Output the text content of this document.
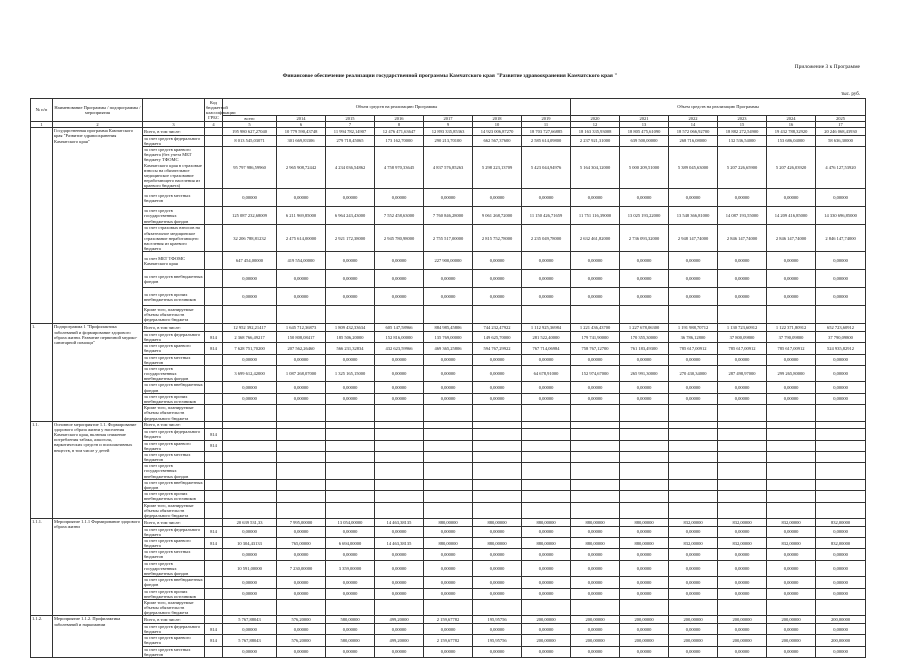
Приложение 3 к Программе
Финансовое обеспечение реализации государственной программы Камчатского края "Развитие здравоохранения Камчатского края "
тыс. руб.
№ п/п	Наименование Программы / подпрограммы / мероприятия		Код бюджетной классификации ГРБС	Объем средств на реализацию Программы							Объем средств на реализацию Программы					
				всего	2014	2015	2016	2017	2018	2019	2020	2021	2022	2023	2024	2025
1	2	3	4	5	6	7	8	9	10	11	12	13	14	15	16	17
	Государственная программа Камчатского края "Развитие здравоохранения Камчатского края"	Всего, в том числе:		195 980 627,27040	10 779 590,43748	11 994 782,14907	12 476 471,63647	12 893 335,85363	14 923 006,87270	18 703 727,66885	18 163 335,93008	18 805 475,61090	18 572 066,92700	18 882 272,54900	19 432 788,32920	20 246 068,43930
		за счет средств федерального бюджета		8 013 545,03071	301 669,83306	279 718,45065	173 162,70000	290 213,70100	662 567,37600	2 585 614,09800	2 237 921,31000	639 500,00000	268 716,08000	132 536,54000	153 686,04000	58 636,30000
		за счет средств краевого бюджета (без учета МБТ бюджету ТФОМС Камчатского края в страховые взносы на обязательное медицинское страхование неработающего населения из краевого бюджета)		95 797 986,59960	2 965 908,72442	4 234 036,54862	4 758 970,33645	4 837 576,85263	5 298 223,13709	5 423 044,94976	5 164 304,12000	5 000 209,51000	5 389 045,63000	5 207 226,65900	5 207 426,03920	4 476 127,53920
		за счет средств местных бюджетов		0,00000	0,00000	0,00000	0,00000	0,00000	0,00000	0,00000	0,00000	0,00000	0,00000	0,00000	0,00000	0,00000
		за счет средств государственных внебюджетных фондов		125 087 232,68009	6 211 969,85000	6 964 243,43000	7 552 458,63000	7 760 846,28000	9 061 268,72000	11 150 426,71659	11 751 116,39000	13 025 193,22000	13 548 366,81000	14 087 193,55000	14 209 416,85000	14 330 696,85000
		за счет страховых взносов на обязательное медицинское страхование неработающего населения из краевого бюджета		32 206 788,81232	2 475 614,00000	2 921 172,38000	2 945 780,98000	2 755 517,00000	2 815 752,78000	2 235 049,78000	2 632 461,82000	2 736 093,32000	2 948 147,74000	2 846 147,74000	2 846 147,74000	2 846 147,74000
		за счет МБТ ТФОМС Камчатского края		647 454,00000	419 554,00000	0,00000	0,00000	227 900,00000	0,00000	0,00000	0,00000	0,00000	0,00000	0,00000	0,00000	0,00000
		за счет средств внебюджетных фондов		0,00000	0,00000	0,00000	0,00000	0,00000	0,00000	0,00000	0,00000	0,00000	0,00000	0,00000	0,00000	0,00000
		за счет средств прочих внебюджетных источников		0,00000	0,00000	0,00000	0,00000	0,00000	0,00000	0,00000	0,00000	0,00000	0,00000	0,00000	0,00000	0,00000
		Кроме того, планируемые объемы обязательств федерального бюджета														
1.	Подпрограмма 1 "Профилактика заболеваний и формирование здорового образа жизни. Развитие первичной медико-санитарной помощи"	Всего, в том числе:		12 952 392,21417	1 645 712,36873	1 809 432,33634	605 147,58966	884 985,45806	744 232,47922	1 112 925,36984	1 221 436,43700	1 227 678,06300	1 191 988,70712	1 130 723,60912	1 122 371,80912	652 723,60912
		за счет средств федерального бюджета	814	2 368 766,49217	150 808,08417	185 506,20000	152 816,00000	135 769,00000	149 625,70000	281 522,40000	179 741,90000	170 355,30000	36 786,12800	37 800,09800	37 790,09800	37 790,09800
		за счет средств краевого бюджета	814	7 628 751,70200	207 562,26460	566 231,32834	432 623,59966	469 365,25806	594 767,29922	767 714,06984	758 767,12700	761 183,49300	785 617,00912	785 617,00912	785 617,00912	524 935,82912
		за счет средств местных бюджетов		0,00000	0,00000	0,00000	0,00000	0,00000	0,00000	0,00000	0,00000	0,00000	0,00000	0,00000	0,00000	0,00000
		за счет средств государственных внебюджетных фондов		3 699 612,42000	1 087 268,07000	1 325 165,15000	0,00000	0,00000	0,00000	64 678,91000	152 974,67000	265 991,30000	270 430,34000	287 498,97000	299 265,80000	0,00000
		за счет средств внебюджетных фондов		0,00000	0,00000	0,00000	0,00000	0,00000	0,00000	0,00000	0,00000	0,00000	0,00000	0,00000	0,00000	0,00000
		за счет средств прочих внебюджетных источников		0,00000	0,00000	0,00000	0,00000	0,00000	0,00000	0,00000	0,00000	0,00000	0,00000	0,00000	0,00000	0,00000
		Кроме того, планируемые объемы обязательств федерального бюджета														
1.1.	Основное мероприятие 1.1. Формирование здорового образа жизни у населения Камчатского края, включая снижение потребления табака, алкоголя, наркотических средств и психоактивных веществ, в том числе у детей	Всего, в том числе:														
		за счет средств федерального бюджета	814													
		за счет средств краевого бюджета	814													
		за счет средств местных бюджетов														
		за счет средств государственных внебюджетных фондов														
		за счет средств внебюджетных фондов														
		за счет средств прочих внебюджетных источников														
		Кроме того, планируемые объемы обязательств федерального бюджета														
1.1.1.	Мероприятие 1.1.1 Формирование здорового образа жизни	Всего, в том числе:		20 639 531,33	7 995,00000	13 054,00000	14 463,38135	880,00000	880,00000	880,00000	880,00000	880,00000	832,00000	832,00000	832,00000	832,00000
		за счет средств федерального бюджета	814	0,00000	0,00000	0,00000	0,00000	0,00000	0,00000	0,00000	0,00000	0,00000	0,00000	0,00000	0,00000	0,00000
		за счет средств краевого бюджета	814	10 304,43133	765,00000	6 694,00000	14 463,38135	880,00000	880,00000	880,00000	880,00000	880,00000	832,00000	832,00000	832,00000	832,00000
		за счет средств местных бюджетов		0,00000	0,00000	0,00000	0,00000	0,00000	0,00000	0,00000	0,00000	0,00000	0,00000	0,00000	0,00000	0,00000
		за счет средств государственных внебюджетных фондов		10 591,00000	7 230,00000	3 359,00000	0,00000	0,00000	0,00000	0,00000	0,00000	0,00000	0,00000	0,00000	0,00000	0,00000
		за счет средств внебюджетных фондов		0,00000	0,00000	0,00000	0,00000	0,00000	0,00000	0,00000	0,00000	0,00000	0,00000	0,00000	0,00000	0,00000
		за счет средств прочих внебюджетных источников		0,00000	0,00000	0,00000	0,00000	0,00000	0,00000	0,00000	0,00000	0,00000	0,00000	0,00000	0,00000	0,00000
		Кроме того, планируемые объемы обязательств федерального бюджета														
1.1.2.	Мероприятие 1.1.2. Профилактика заболеваний и наркомании	Всего, в том числе:		5 767,88043	576,20000	580,00000	499,20000	2 159,67782	195,95756	200,00000	200,00000	200,00000	200,00000	200,00000	200,00000	200,00000
		за счет средств федерального бюджета	814	0,00000	0,00000	0,00000	0,00000	0,00000	0,00000	0,00000	0,00000	0,00000	0,00000	0,00000	0,00000	0,00000
		за счет средств краевого бюджета	814	5 767,88043	576,20000	580,00000	499,20000	2 159,67782	195,95756	200,00000	200,00000	200,00000	200,00000	200,00000	200,00000	200,00000
		за счет средств местных бюджетов		0,00000	0,00000	0,00000	0,00000	0,00000	0,00000	0,00000	0,00000	0,00000	0,00000	0,00000	0,00000	0,00000
